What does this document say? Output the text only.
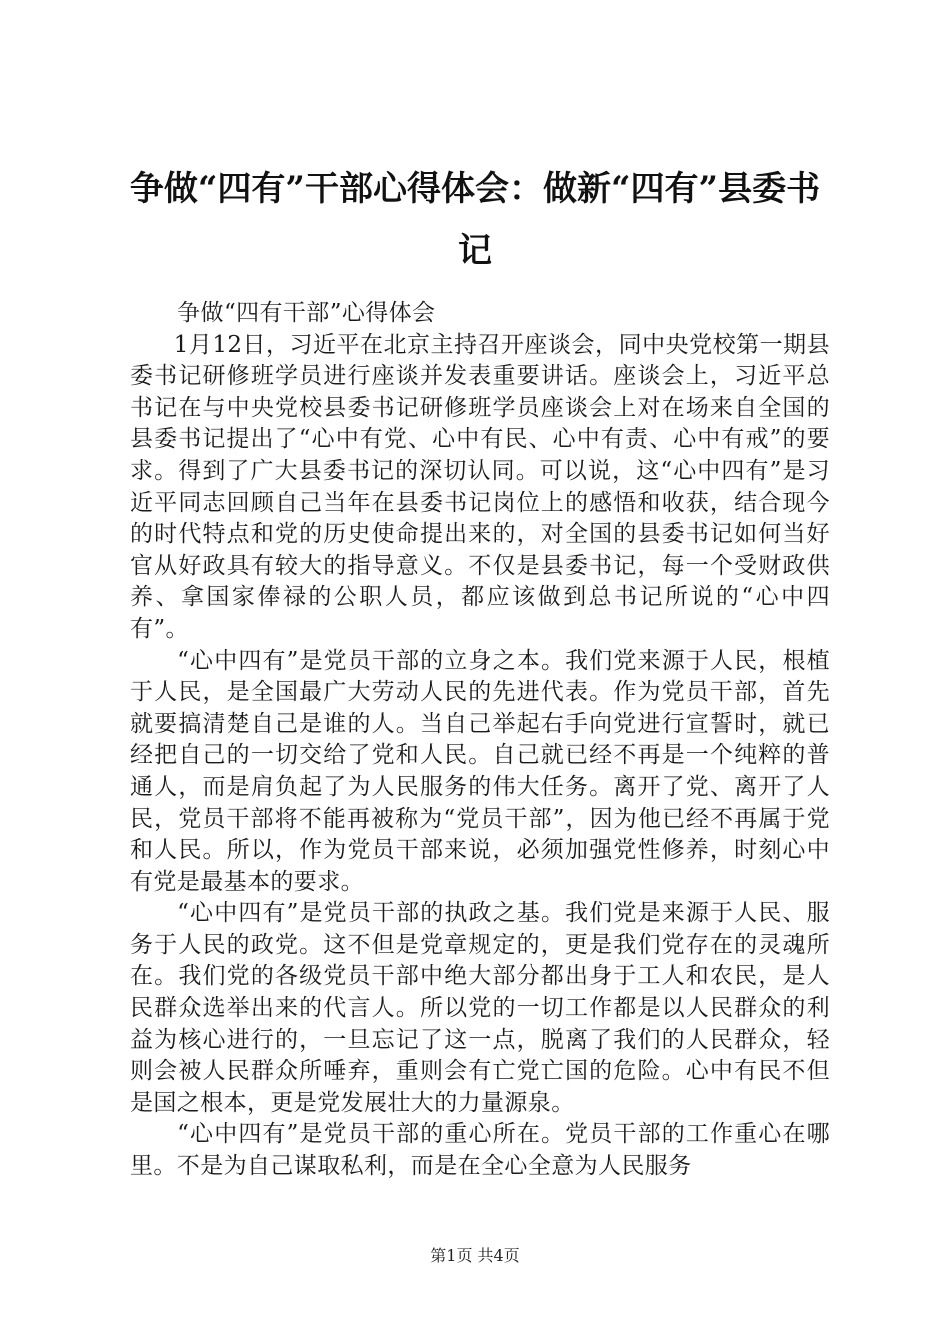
争做“四有”干部心得体会：做新“四有”县委书记

争做“四有干部”心得体会

1月12日，习近平在北京主持召开座谈会，同中央党校第一期县委书记研修班学员进行座谈并发表重要讲话。座谈会上，习近平总书记在与中央党校县委书记研修班学员座谈会上对在场来自全国的县委书记提出了“心中有党、心中有民、心中有责、心中有戒”的要求。得到了广大县委书记的深切认同。可以说，这“心中四有”是习近平同志回顾自己当年在县委书记岗位上的感悟和收获，结合现今的时代特点和党的历史使命提出来的，对全国的县委书记如何当好官从好政具有较大的指导意义。不仅是县委书记，每一个受财政供养、拿国家俸禄的公职人员，都应该做到总书记所说的“心中四有”。

“心中四有”是党员干部的立身之本。我们党来源于人民，根植于人民，是全国最广大劳动人民的先进代表。作为党员干部，首先就要搞清楚自己是谁的人。当自己举起右手向党进行宣誓时，就已经把自己的一切交给了党和人民。自己就已经不再是一个纯粹的普通人，而是肩负起了为人民服务的伟大任务。离开了党、离开了人民，党员干部将不能再被称为“党员干部”，因为他已经不再属于党和人民。所以，作为党员干部来说，必须加强党性修养，时刻心中有党是最基本的要求。

“心中四有”是党员干部的执政之基。我们党是来源于人民、服务于人民的政党。这不但是党章规定的，更是我们党存在的灵魂所在。我们党的各级党员干部中绝大部分都出身于工人和农民，是人民群众选举出来的代言人。所以党的一切工作都是以人民群众的利益为核心进行的，一旦忘记了这一点，脱离了我们的人民群众，轻则会被人民群众所唾弃，重则会有亡党亡国的危险。心中有民不但是国之根本，更是党发展壮大的力量源泉。

“心中四有”是党员干部的重心所在。党员干部的工作重心在哪里。不是为自己谋取私利，而是在全心全意为人民服务

第1页 共4页
